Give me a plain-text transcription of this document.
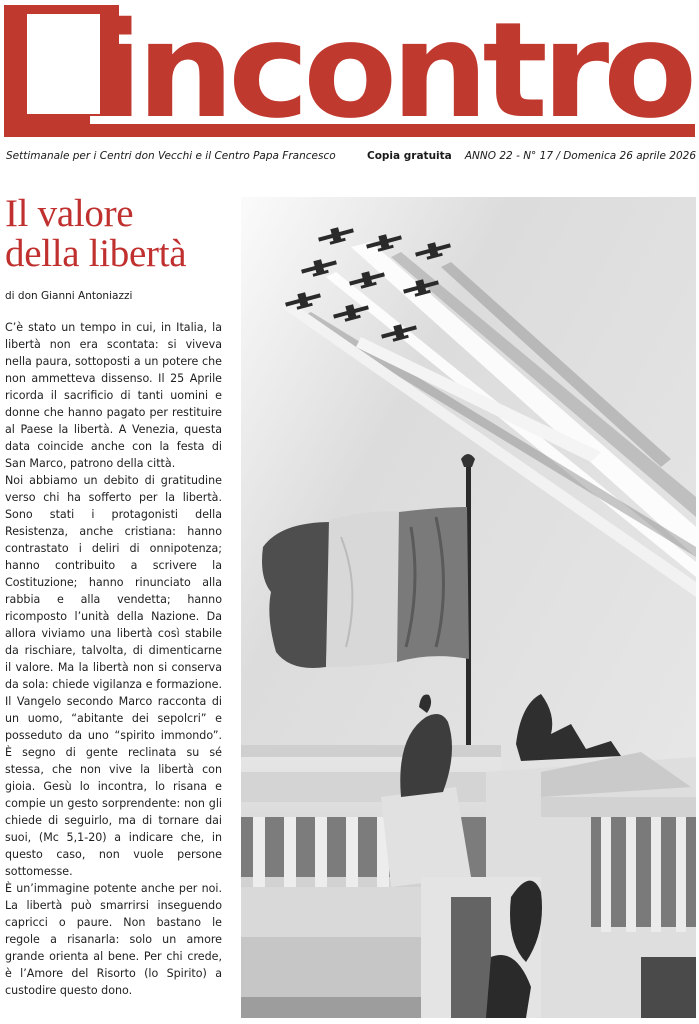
incontro
Settimanale per i Centri don Vecchi e il Centro Papa Francesco	Copia gratuita ANNO 22 - N° 17 / Domenica 26 aprile 2026
Il valore
della libertà
di don Gianni Antoniazzi

C’è stato un tempo in cui, in Italia, la libertà non era scontata: si viveva nella paura, sottoposti a un potere che non ammetteva dissenso. Il 25 Aprile ricorda il sacrificio di tanti uomini e donne che hanno pagato per restituire al Paese la libertà. A Venezia, questa data coincide anche con la festa di San Marco, patrono della città.

Noi abbiamo un debito di gratitudine verso chi ha sofferto per la libertà. Sono stati i protagonisti della Resistenza, anche cristiana: hanno contrastato i deliri di onnipotenza; hanno contribuito a scrivere la Costituzione; hanno rinunciato alla rabbia e alla vendetta; hanno ricomposto l’unità della Nazione. Da allora viviamo una libertà così stabile da rischiare, talvolta, di dimenticarne il valore. Ma la libertà non si conserva da sola: chiede vigilanza e formazione. Il Vangelo secondo Marco racconta di un uomo, “abitante dei sepolcri” e posseduto da uno “spirito immondo”. È segno di gente reclinata su sé stessa, che non vive la libertà con gioia. Gesù lo incontra, lo risana e compie un gesto sorprendente: non gli chiede di seguirlo, ma di tornare dai suoi, (Mc 5,1-20) a indicare che, in questo caso, non vuole persone sottomesse.

È un’immagine potente anche per noi. La libertà può smarrirsi inseguendo capricci o paure. Non bastano le regole a risanarla: solo un amore grande orienta al bene. Per chi crede, è l’Amore del Risorto (lo Spirito) a custodire questo dono.
